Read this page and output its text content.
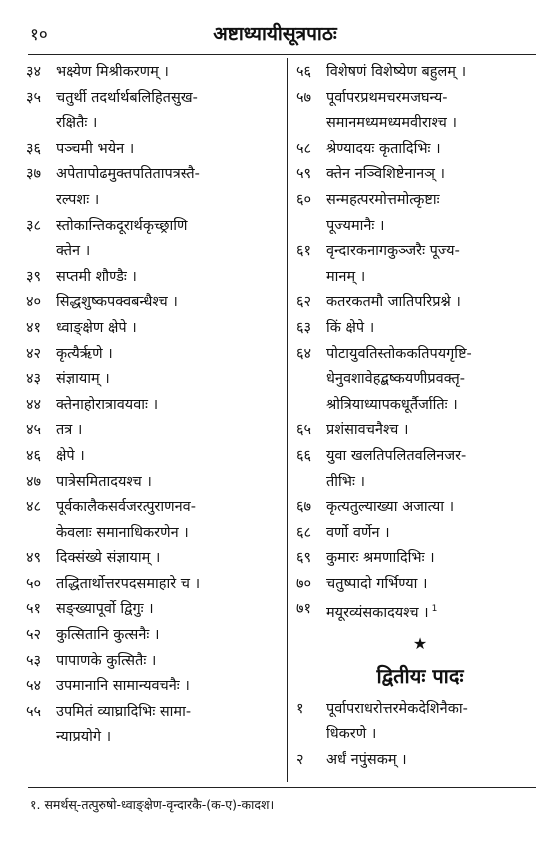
१०	अष्टाध्यायीसूत्रपाठः
३४	भक्ष्येण मिश्रीकरणम् ।
३५	चतुर्थी तदर्थार्थबलिहितसुख-
रक्षितैः ।
३६	पञ्चमी भयेन ।
३७	अपेतापोढमुक्तपतितापत्रस्तै-
रल्पशः ।
३८	स्तोकान्तिकदूरार्थकृच्छ्राणि
क्तेन ।
३९	सप्तमी शौण्डैः ।
४०	सिद्धशुष्कपक्वबन्धैश्च ।
४१	ध्वाङ्क्षेण क्षेपे ।
४२	कृत्यैर्ऋणे ।
४३	संज्ञायाम् ।
४४	क्तेनाहोरात्रावयवाः ।
४५	तत्र ।
४६	क्षेपे ।
४७	पात्रेसमितादयश्च ।
४८	पूर्वकालैकसर्वजरत्पुराणनव-
केवलाः समानाधिकरणेन ।
४९	दिक्संख्ये संज्ञायाम् ।
५०	तद्धितार्थोत्तरपदसमाहारे च ।
५१	सङ्ख्यापूर्वो द्विगुः ।
५२	कुत्सितानि कुत्सनैः ।
५३	पापाणके कुत्सितैः ।
५४	उपमानानि सामान्यवचनैः ।
५५	उपमितं व्याघ्रादिभिः सामा-
न्याप्रयोगे ।
५६	विशेषणं विशेष्येण बहुलम् ।
५७	पूर्वापरप्रथमचरमजघन्य-
समानमध्यमध्यमवीराश्च ।
५८	श्रेण्यादयः कृतादिभिः ।
५९	क्तेन नञ्विशिष्टेनानञ् ।
६०	सन्महत्परमोत्तमोत्कृष्टाः
पूज्यमानैः ।
६१	वृन्दारकनागकुञ्जरैः पूज्य-
मानम् ।
६२	कतरकतमौ जातिपरिप्रश्ने ।
६३	किं क्षेपे ।
६४	पोटायुवतिस्तोककतिपयगृष्टि-
धेनुवशावेहद्बष्कयणीप्रवक्तृ-
श्रोत्रियाध्यापकधूर्तैर्जातिः ।
६५	प्रशंसावचनैश्च ।
६६	युवा खलतिपलितवलिनजर-
तीभिः ।
६७	कृत्यतुल्याख्या अजात्या ।
६८	वर्णो वर्णेन ।
६९	कुमारः श्रमणादिभिः ।
७०	चतुष्पादो गर्भिण्या ।
७१	मयूरव्यंसकादयश्च । $^1$
★
द्वितीयः पादः
१	पूर्वापराधरोत्तरमेकदेशिनैका-
धिकरणे ।
२	अर्धं नपुंसकम् ।
१. समर्थस्-तत्पुरुषो-ध्वाङ्क्षेण-वृन्दारकै-(क-ए)-कादश।
